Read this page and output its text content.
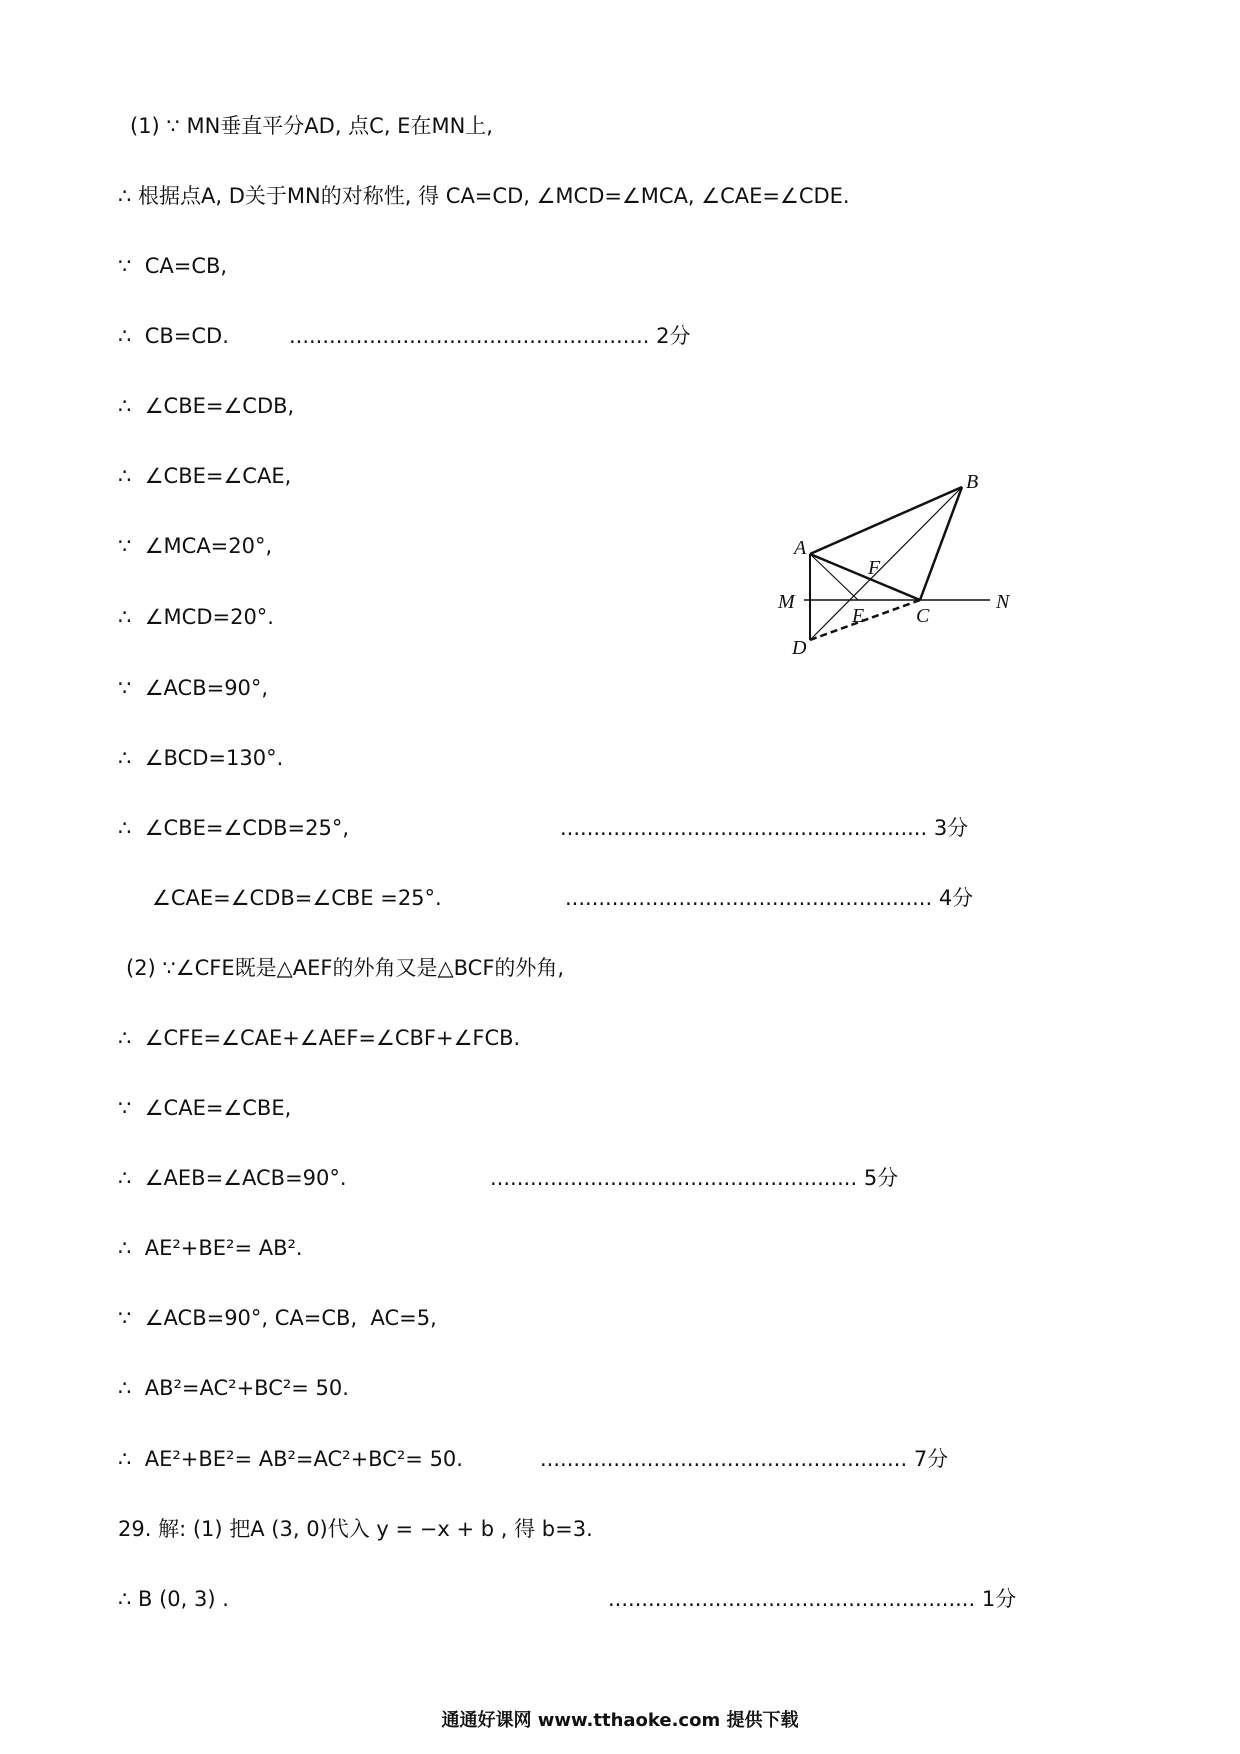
(1) ∵ MN垂直平分AD, 点C, E在MN上,
∴ 根据点A, D关于MN的对称性, 得 CA=CD, ∠MCD=∠MCA, ∠CAE=∠CDE.
∵  CA=CB,
∴  CB=CD.         ...................................................... 2分
∴  ∠CBE=∠CDB,
∴  ∠CBE=∠CAE,
∵  ∠MCA=20°,
∴  ∠MCD=20°.
∵  ∠ACB=90°,
∴  ∠BCD=130°.
∴  ∠CBE=∠CDB=25°,	....................................................... 3分
∠CAE=∠CDB=∠CBE =25°.	....................................................... 4分
(2) ∵∠CFE既是△AEF的外角又是△BCF的外角,
∴  ∠CFE=∠CAE+∠AEF=∠CBF+∠FCB.
∵  ∠CAE=∠CBE,
∴  ∠AEB=∠ACB=90°.	....................................................... 5分
∴  AE²+BE²= AB².
∵  ∠ACB=90°, CA=CB,  AC=5,
∴  AB²=AC²+BC²= 50.
∴  AE²+BE²= AB²=AC²+BC²= 50.	....................................................... 7分
29. 解: (1) 把A (3, 0)代入 y = −x + b , 得 b=3.
∴ B (0, 3) .	....................................................... 1分
A
B
C
D
E
F
M	N
通通好课网 www.tthaoke.com 提供下载
